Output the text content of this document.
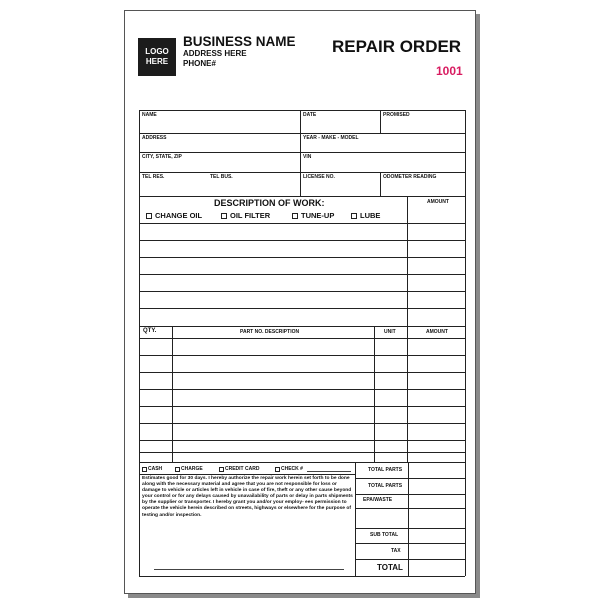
LOGO
HERE
BUSINESS NAME
ADDRESS HERE
PHONE#
REPAIR ORDER
1001
NAME	DATE	PROMISED
ADDRESS	YEAR - MAKE - MODEL
CITY, STATE, ZIP	VIN
TEL RES.	TEL BUS.	LICENSE NO.	ODOMETER READING
DESCRIPTION OF WORK:	AMOUNT
CHANGE OIL	OIL FILTER	TUNE-UP	LUBE
QTY.	PART NO. DESCRIPTION	UNIT	AMOUNT
CASH	CHARGE	CREDIT CARD	CHECK #

Estimates good for 30 days. I hereby authorize the repair work herein set forth to be done along with the necessary material and agree that you are not responsible for loss or damage to vehicle or articles left in vehicle in case of fire, theft or any other cause beyond your control or for any delays caused by unavailability of parts or delay in parts shipments by the supplier or transporter. I hereby grant you and/or your employ- ees permission to operate the vehicle herein described on streets, highways or elsewhere for the purpose of testing and/or inspection.

TOTAL PARTS
TOTAL PARTS
EPA/WASTE
SUB TOTAL
TAX
TOTAL
